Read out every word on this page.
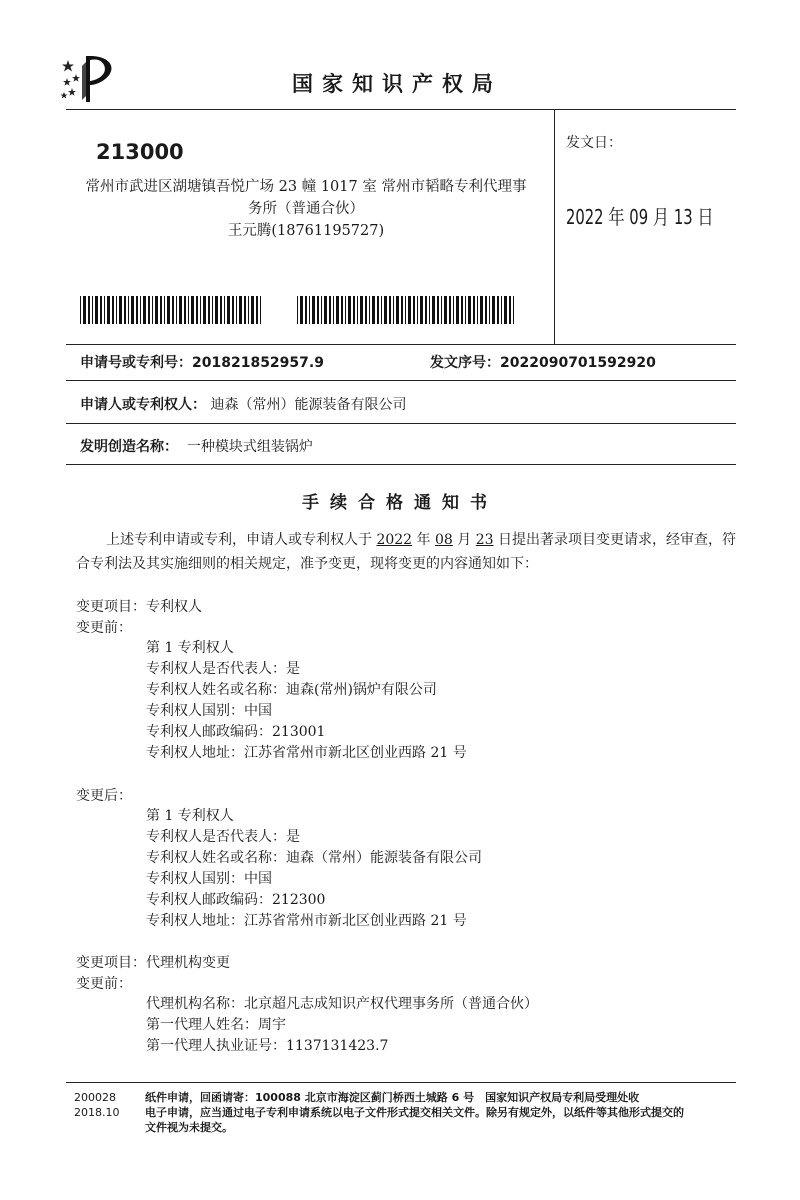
国家知识产权局
213000
常州市武进区湖塘镇吾悦广场 23 幢 1017 室 常州市韬略专利代理事
务所（普通合伙）
王元腾(18761195727)
发文日：
2022 年 09 月 13 日
申请号或专利号：201821852957.9	发文序号：2022090701592920
申请人或专利权人： 迪森（常州）能源装备有限公司
发明创造名称： 一种模块式组装锅炉
手续合格通知书
上述专利申请或专利，申请人或专利权人于 2022 年 08 月 23 日提出著录项目变更请求，经审查，符合专利法及其实施细则的相关规定，准予变更，现将变更的内容通知如下：
变更项目：专利权人
变更前：
第 1 专利权人
专利权人是否代表人：是
专利权人姓名或名称：迪森(常州)锅炉有限公司
专利权人国别：中国
专利权人邮政编码：213001
专利权人地址：江苏省常州市新北区创业西路 21 号
变更后：
第 1 专利权人
专利权人是否代表人：是
专利权人姓名或名称：迪森（常州）能源装备有限公司
专利权人国别：中国
专利权人邮政编码：212300
专利权人地址：江苏省常州市新北区创业西路 21 号
变更项目：代理机构变更
变更前：
代理机构名称：北京超凡志成知识产权代理事务所（普通合伙）
第一代理人姓名：周宇
第一代理人执业证号：1137131423.7
200028
2018.10
纸件申请，回函请寄：100088 北京市海淀区蓟门桥西土城路 6 号　国家知识产权局专利局受理处收
电子申请，应当通过电子专利申请系统以电子文件形式提交相关文件。除另有规定外，以纸件等其他形式提交的
文件视为未提交。
